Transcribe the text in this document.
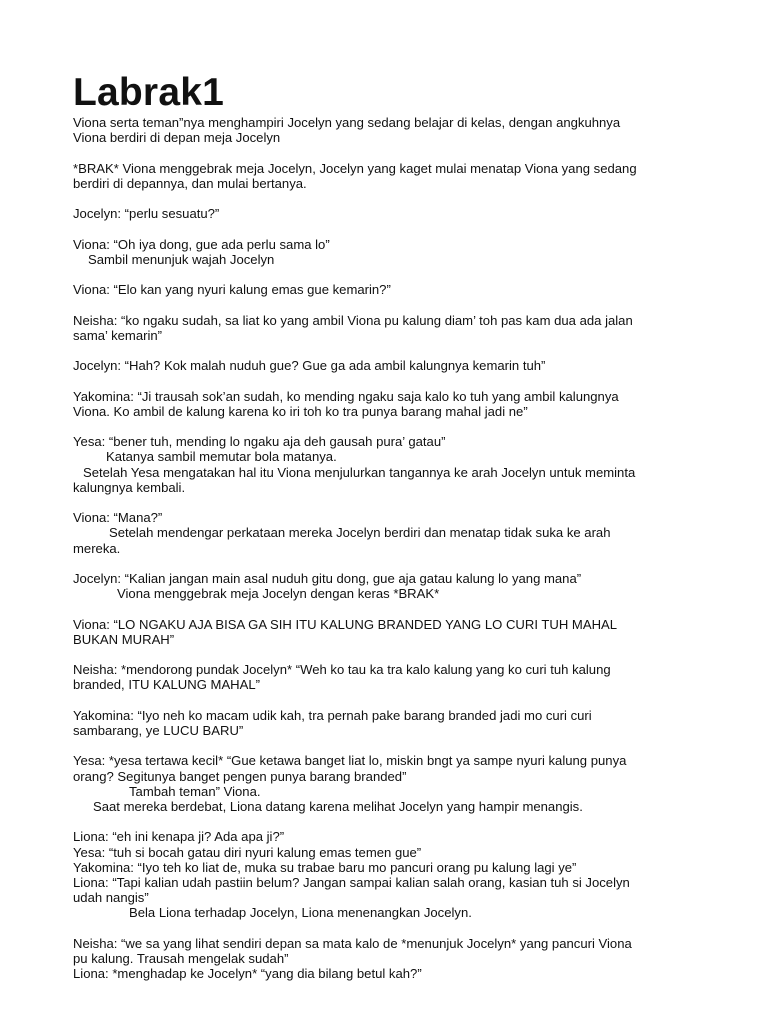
Labrak1
Viona serta teman”nya menghampiri Jocelyn yang sedang belajar di kelas, dengan angkuhnya
Viona berdiri di depan meja Jocelyn
*BRAK* Viona menggebrak meja Jocelyn, Jocelyn yang kaget mulai menatap Viona yang sedang
berdiri di depannya, dan mulai bertanya.
Jocelyn: “perlu sesuatu?”
Viona: “Oh iya dong, gue ada perlu sama lo”
Sambil menunjuk wajah Jocelyn
Viona: “Elo kan yang nyuri kalung emas gue kemarin?”
Neisha: “ko ngaku sudah, sa liat ko yang ambil Viona pu kalung diam’ toh pas kam dua ada jalan
sama’ kemarin”
Jocelyn: “Hah? Kok malah nuduh gue? Gue ga ada ambil kalungnya kemarin tuh”
Yakomina: “Ji trausah sok’an sudah, ko mending ngaku saja kalo ko tuh yang ambil kalungnya
Viona. Ko ambil de kalung karena ko iri toh ko tra punya barang mahal jadi ne”
Yesa: “bener tuh, mending lo ngaku aja deh gausah pura’ gatau”
Katanya sambil memutar bola matanya.
Setelah Yesa mengatakan hal itu Viona menjulurkan tangannya ke arah Jocelyn untuk meminta
kalungnya kembali.
Viona: “Mana?”
Setelah mendengar perkataan mereka Jocelyn berdiri dan menatap tidak suka ke arah
mereka.
Jocelyn: “Kalian jangan main asal nuduh gitu dong, gue aja gatau kalung lo yang mana”
Viona menggebrak meja Jocelyn dengan keras *BRAK*
Viona: “LO NGAKU AJA BISA GA SIH ITU KALUNG BRANDED YANG LO CURI TUH MAHAL
BUKAN MURAH”
Neisha: *mendorong pundak Jocelyn* “Weh ko tau ka tra kalo kalung yang ko curi tuh kalung
branded, ITU KALUNG MAHAL”
Yakomina: “Iyo neh ko macam udik kah, tra pernah pake barang branded jadi mo curi curi
sambarang, ye LUCU BARU”
Yesa: *yesa tertawa kecil* “Gue ketawa banget liat lo, miskin bngt ya sampe nyuri kalung punya
orang? Segitunya banget pengen punya barang branded”
Tambah teman” Viona.
Saat mereka berdebat, Liona datang karena melihat Jocelyn yang hampir menangis.
Liona: “eh ini kenapa ji? Ada apa ji?”
Yesa: “tuh si bocah gatau diri nyuri kalung emas temen gue”
Yakomina: “Iyo teh ko liat de, muka su trabae baru mo pancuri orang pu kalung lagi ye”
Liona: “Tapi kalian udah pastiin belum? Jangan sampai kalian salah orang, kasian tuh si Jocelyn
udah nangis”
Bela Liona terhadap Jocelyn, Liona menenangkan Jocelyn.
Neisha: “we sa yang lihat sendiri depan sa mata kalo de *menunjuk Jocelyn* yang pancuri Viona
pu kalung. Trausah mengelak sudah”
Liona: *menghadap ke Jocelyn* “yang dia bilang betul kah?”
